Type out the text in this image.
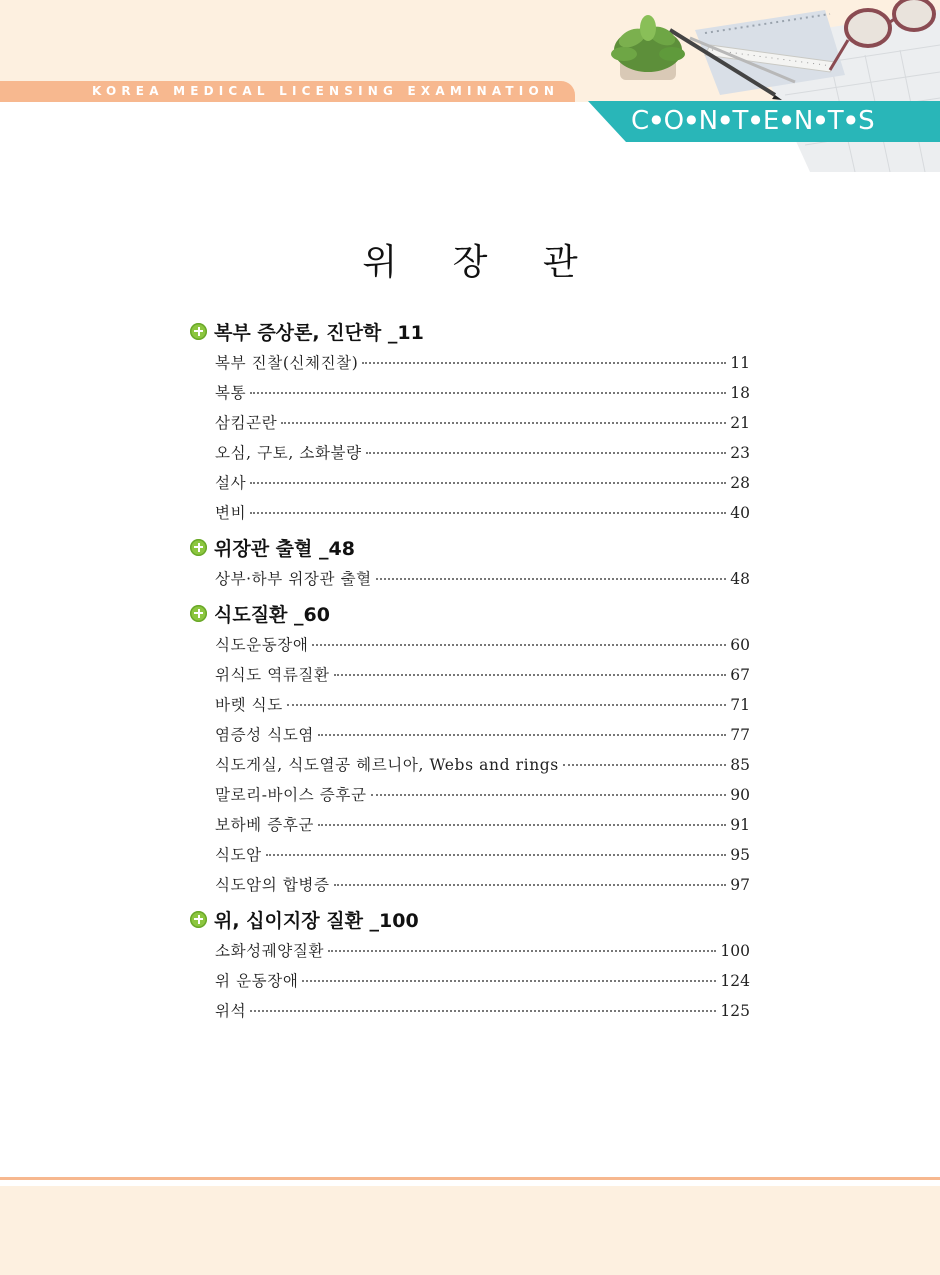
KOREA MEDICAL LICENSING EXAMINATION
C ●O ●N ●T ●E ●N ●T ●S
위 장 관
복부 증상론, 진단학 _11
복부 진찰(신체진찰)	11
복통	18
삼킴곤란	21
오심, 구토, 소화불량	23
설사	28
변비	40
위장관 출혈 _48
상부·하부 위장관 출혈	48
식도질환 _60
식도운동장애	60
위식도 역류질환	67
바렛 식도	71
염증성 식도염	77
식도게실, 식도열공 헤르니아, Webs and rings	85
말로리-바이스 증후군	90
보하베 증후군	91
식도암	95
식도암의 합병증	97
위, 십이지장 질환 _100
소화성궤양질환	100
위 운동장애	124
위석	125
